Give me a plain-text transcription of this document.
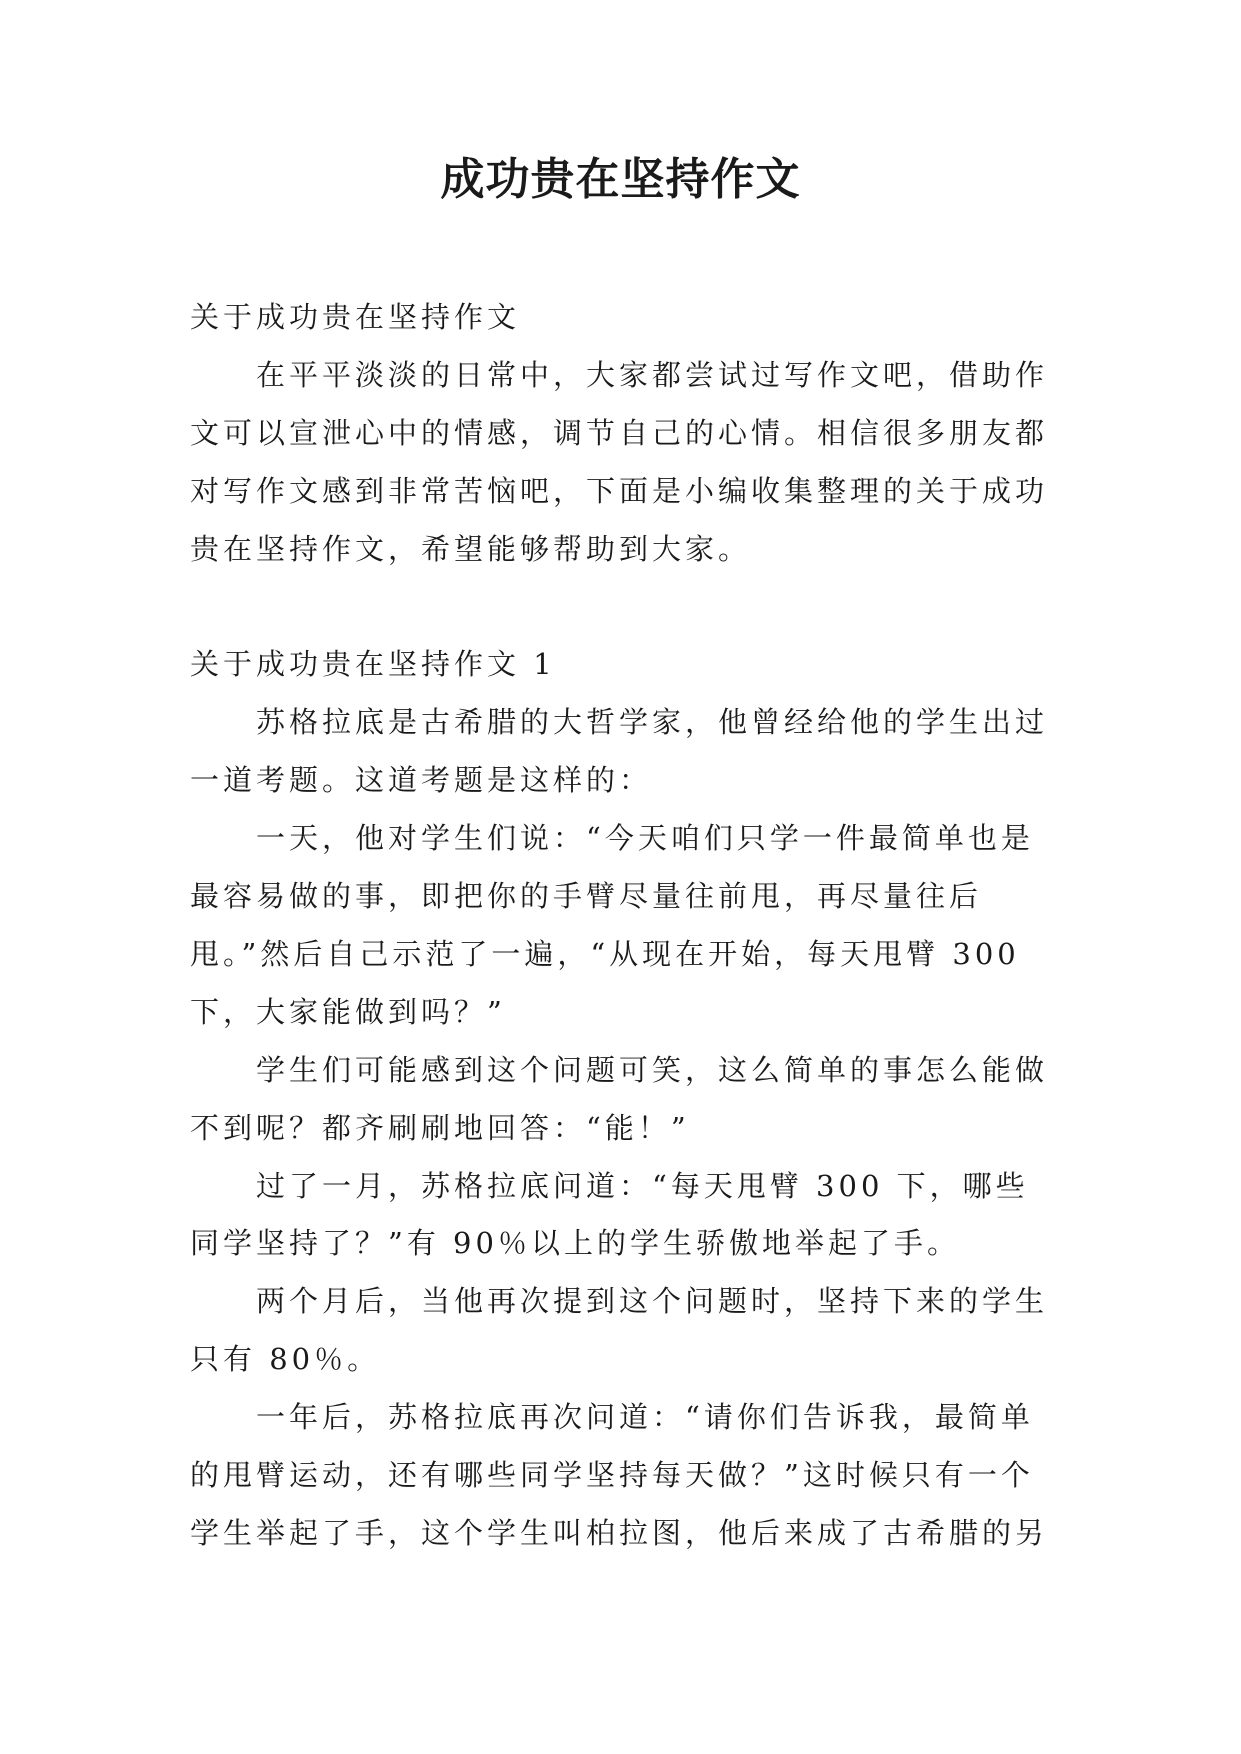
成功贵在坚持作文

关于成功贵在坚持作文

在平平淡淡的日常中，大家都尝试过写作文吧，借助作文可以宣泄心中的情感，调节自己的心情。相信很多朋友都对写作文感到非常苦恼吧，下面是小编收集整理的关于成功贵在坚持作文，希望能够帮助到大家。

关于成功贵在坚持作文 1

苏格拉底是古希腊的大哲学家，他曾经给他的学生出过一道考题。这道考题是这样的：

一天，他对学生们说：“今天咱们只学一件最简单也是最容易做的事，即把你的手臂尽量往前甩，再尽量往后甩。”然后自己示范了一遍，“从现在开始，每天甩臂 300 下，大家能做到吗？”

学生们可能感到这个问题可笑，这么简单的事怎么能做不到呢？都齐刷刷地回答：“能！”

过了一月，苏格拉底问道：“每天甩臂 300 下，哪些同学坚持了？”有 90％以上的学生骄傲地举起了手。

两个月后，当他再次提到这个问题时，坚持下来的学生只有 80％。

一年后，苏格拉底再次问道：“请你们告诉我，最简单的甩臂运动，还有哪些同学坚持每天做？”这时候只有一个学生举起了手，这个学生叫柏拉图，他后来成了古希腊的另
